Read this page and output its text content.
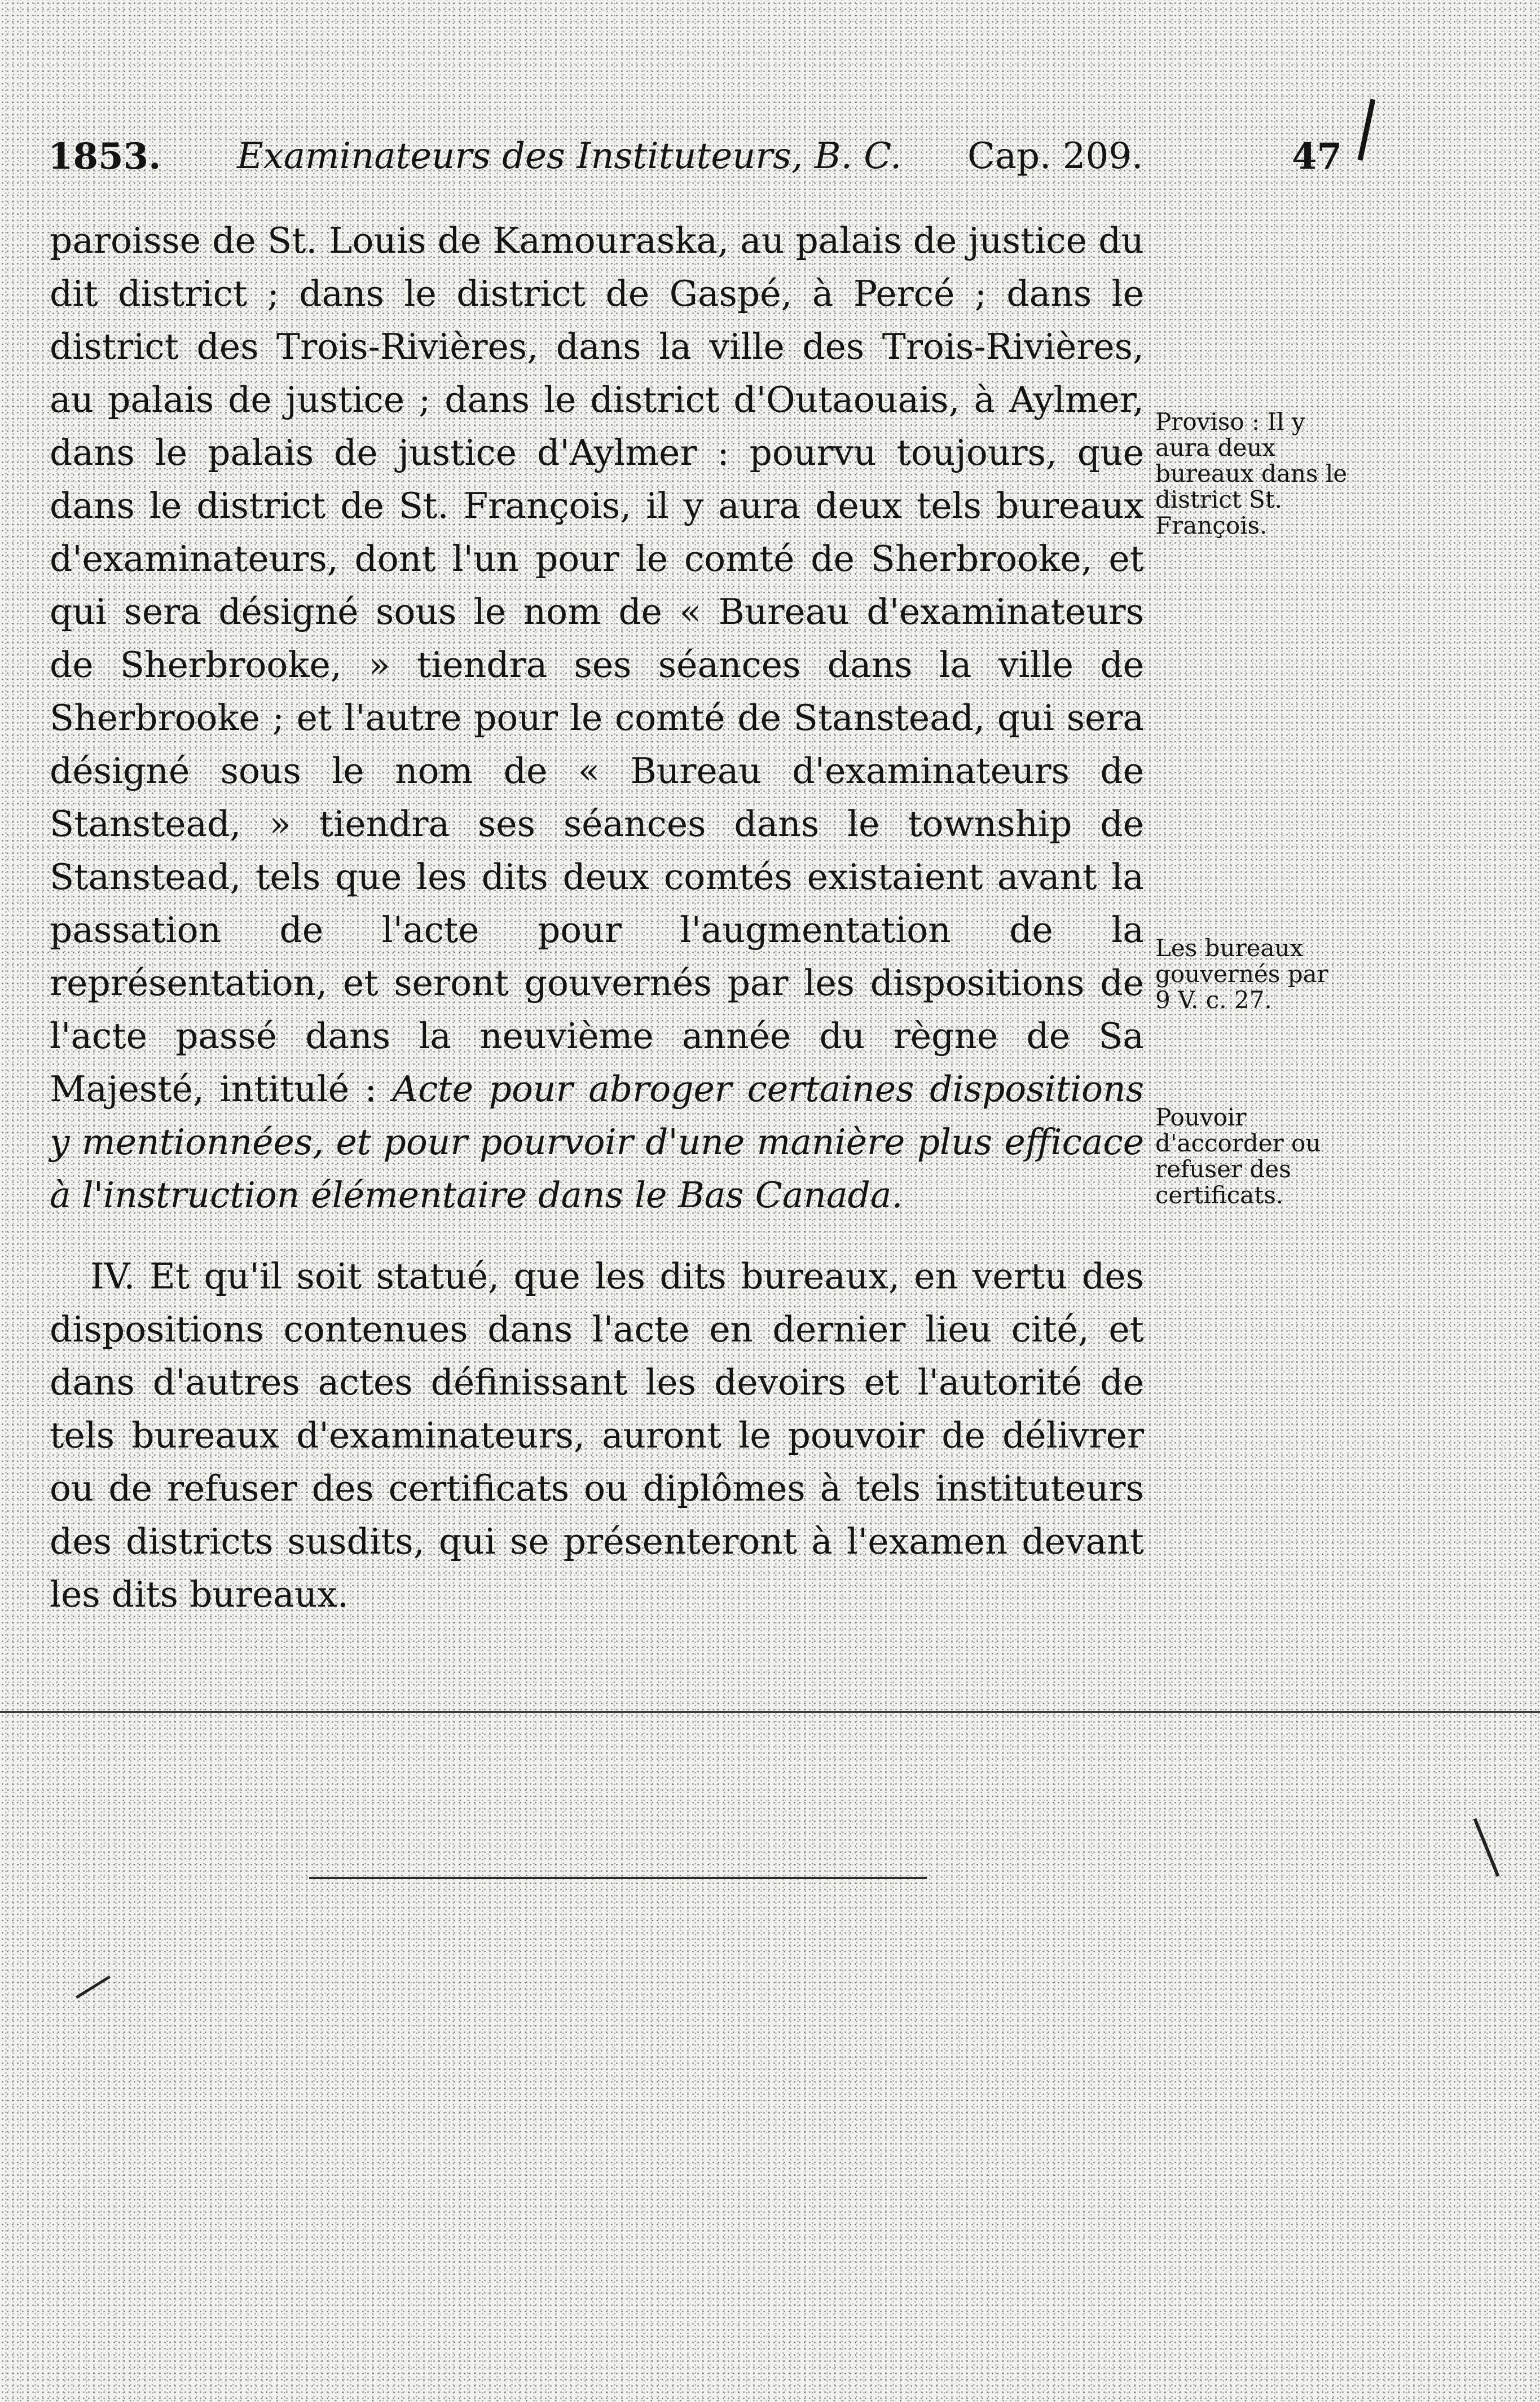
1853. Examinateurs des Instituteurs, B. C. Cap. 209.	47

paroisse de St. Louis de Kamouraska, au palais de justice du dit district ; dans le district de Gaspé, à Percé ; dans le district des Trois-Rivières, dans la ville des Trois-Rivières, au palais de justice ; dans le district d'Outaouais, à Aylmer, dans le palais de justice d'Aylmer : pourvu toujours, que dans le district de St. François, il y aura deux tels bureaux d'examinateurs, dont l'un pour le comté de Sherbrooke, et qui sera désigné sous le nom de « Bureau d'examinateurs de Sherbrooke, » tiendra ses séances dans la ville de Sherbrooke ; et l'autre pour le comté de Stanstead, qui sera désigné sous le nom de « Bureau d'examinateurs de Stanstead, » tiendra ses séances dans le township de Stanstead, tels que les dits deux comtés existaient avant la passation de l'acte pour l'augmentation de la représentation, et seront gouvernés par les dispositions de l'acte passé dans la neuvième année du règne de Sa Majesté, intitulé : Acte pour abroger certaines dispositions y mentionnées, et pour pourvoir d'une manière plus efficace à l'instruction élémentaire dans le Bas Canada.

IV. Et qu'il soit statué, que les dits bureaux, en vertu des dispositions contenues dans l'acte en dernier lieu cité, et dans d'autres actes définissant les devoirs et l'autorité de tels bureaux d'examinateurs, auront le pouvoir de délivrer ou de refuser des certificats ou diplômes à tels instituteurs des districts susdits, qui se présenteront à l'examen devant les dits bureaux.

Proviso : Il y aura deux bureaux dans le district St. François.
Les bureaux gouvernés par 9 V. c. 27.
Pouvoir d'accorder ou refuser des certificats.
